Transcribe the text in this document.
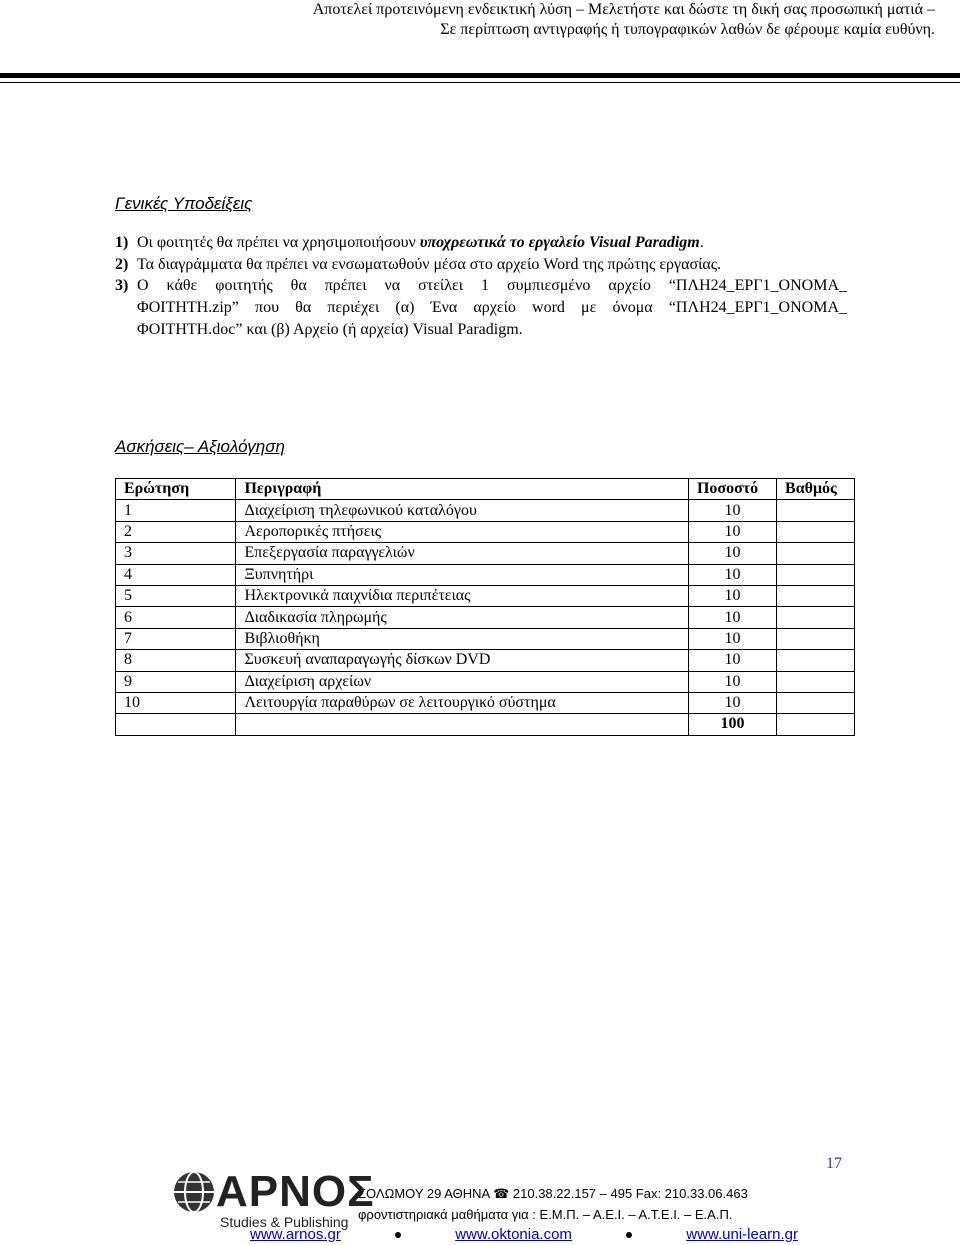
Αποτελεί προτεινόμενη ενδεικτική λύση – Μελετήστε και δώστε τη δική σας προσωπική ματιά –
Σε περίπτωση αντιγραφής ή τυπογραφικών λαθών δε φέρουμε καμία ευθύνη.
Γενικές Υποδείξεις
1) Οι φοιτητές θα πρέπει να χρησιμοποιήσουν υποχρεωτικά το εργαλείο Visual Paradigm.
2) Τα διαγράμματα θα πρέπει να ενσωματωθούν μέσα στο αρχείο Word της πρώτης εργασίας.
3) Ο κάθε φοιτητής θα πρέπει να στείλει 1 συμπιεσμένο αρχείο “ΠΛΗ24_ΕΡΓ1_ΟΝΟΜΑ_
ΦΟΙΤΗΤΗ.zip” που θα περιέχει (α) Ένα αρχείο word με όνομα “ΠΛΗ24_ΕΡΓ1_ΟΝΟΜΑ_
ΦΟΙΤΗΤΗ.doc” και (β) Αρχείο (ή αρχεία) Visual Paradigm.
Ασκήσεις– Αξιολόγηση
Ερώτηση	Περιγραφή	Ποσοστό	Βαθμός
1	Διαχείριση τηλεφωνικού καταλόγου	10	
2	Αεροπορικές πτήσεις	10	
3	Επεξεργασία παραγγελιών	10	
4	Ξυπνητήρι	10	
5	Ηλεκτρονικά παιχνίδια περιπέτειας	10	
6	Διαδικασία πληρωμής	10	
7	Βιβλιοθήκη	10	
8	Συσκευή αναπαραγωγής δίσκων DVD	10	
9	Διαχείριση αρχείων	10	
10	Λειτουργία παραθύρων σε λειτουργικό σύστημα	10	
		100	
17
ΑΡΝΟΣ
Studies & Publishing
ΣΟΛΩΜΟΥ 29 ΑΘΗΝΑ ☎ 210.38.22.157 – 495 Fax: 210.33.06.463
φροντιστηριακά μαθήματα για : Ε.Μ.Π. – Α.Ε.Ι. – Α.Τ.Ε.Ι. – Ε.Α.Π.
www.arnos.gr	www.oktonia.com	www.uni-learn.gr
